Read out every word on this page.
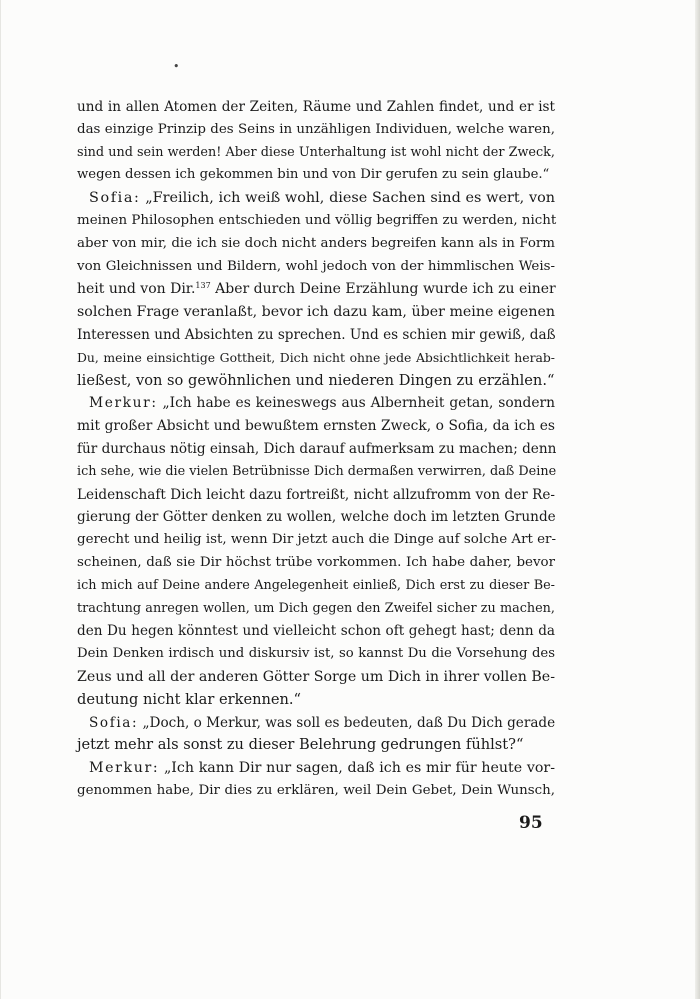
•
und in allen Atomen der Zeiten, Räume und Zahlen findet, und er ist
das einzige Prinzip des Seins in unzähligen Individuen, welche waren,
sind und sein werden! Aber diese Unterhaltung ist wohl nicht der Zweck,
wegen dessen ich gekommen bin und von Dir gerufen zu sein glaube.“
Sofia: „Freilich, ich weiß wohl, diese Sachen sind es wert, von
meinen Philosophen entschieden und völlig begriffen zu werden, nicht
aber von mir, die ich sie doch nicht anders begreifen kann als in Form
von Gleichnissen und Bildern, wohl jedoch von der himmlischen Weis-
heit und von Dir.$^{137}$ Aber durch Deine Erzählung wurde ich zu einer
solchen Frage veranlaßt, bevor ich dazu kam, über meine eigenen
Interessen und Absichten zu sprechen. Und es schien mir gewiß, daß
Du, meine einsichtige Gottheit, Dich nicht ohne jede Absichtlichkeit herab-
ließest, von so gewöhnlichen und niederen Dingen zu erzählen.“
Merkur: „Ich habe es keineswegs aus Albernheit getan, sondern
mit großer Absicht und bewußtem ernsten Zweck, o Sofia, da ich es
für durchaus nötig einsah, Dich darauf aufmerksam zu machen; denn
ich sehe, wie die vielen Betrübnisse Dich dermaßen verwirren, daß Deine
Leidenschaft Dich leicht dazu fortreißt, nicht allzufromm von der Re-
gierung der Götter denken zu wollen, welche doch im letzten Grunde
gerecht und heilig ist, wenn Dir jetzt auch die Dinge auf solche Art er-
scheinen, daß sie Dir höchst trübe vorkommen. Ich habe daher, bevor
ich mich auf Deine andere Angelegenheit einließ, Dich erst zu dieser Be-
trachtung anregen wollen, um Dich gegen den Zweifel sicher zu machen,
den Du hegen könntest und vielleicht schon oft gehegt hast; denn da
Dein Denken irdisch und diskursiv ist, so kannst Du die Vorsehung des
Zeus und all der anderen Götter Sorge um Dich in ihrer vollen Be-
deutung nicht klar erkennen.“
Sofia: „Doch, o Merkur, was soll es bedeuten, daß Du Dich gerade
jetzt mehr als sonst zu dieser Belehrung gedrungen fühlst?“
Merkur: „Ich kann Dir nur sagen, daß ich es mir für heute vor-
genommen habe, Dir dies zu erklären, weil Dein Gebet, Dein Wunsch,
95
